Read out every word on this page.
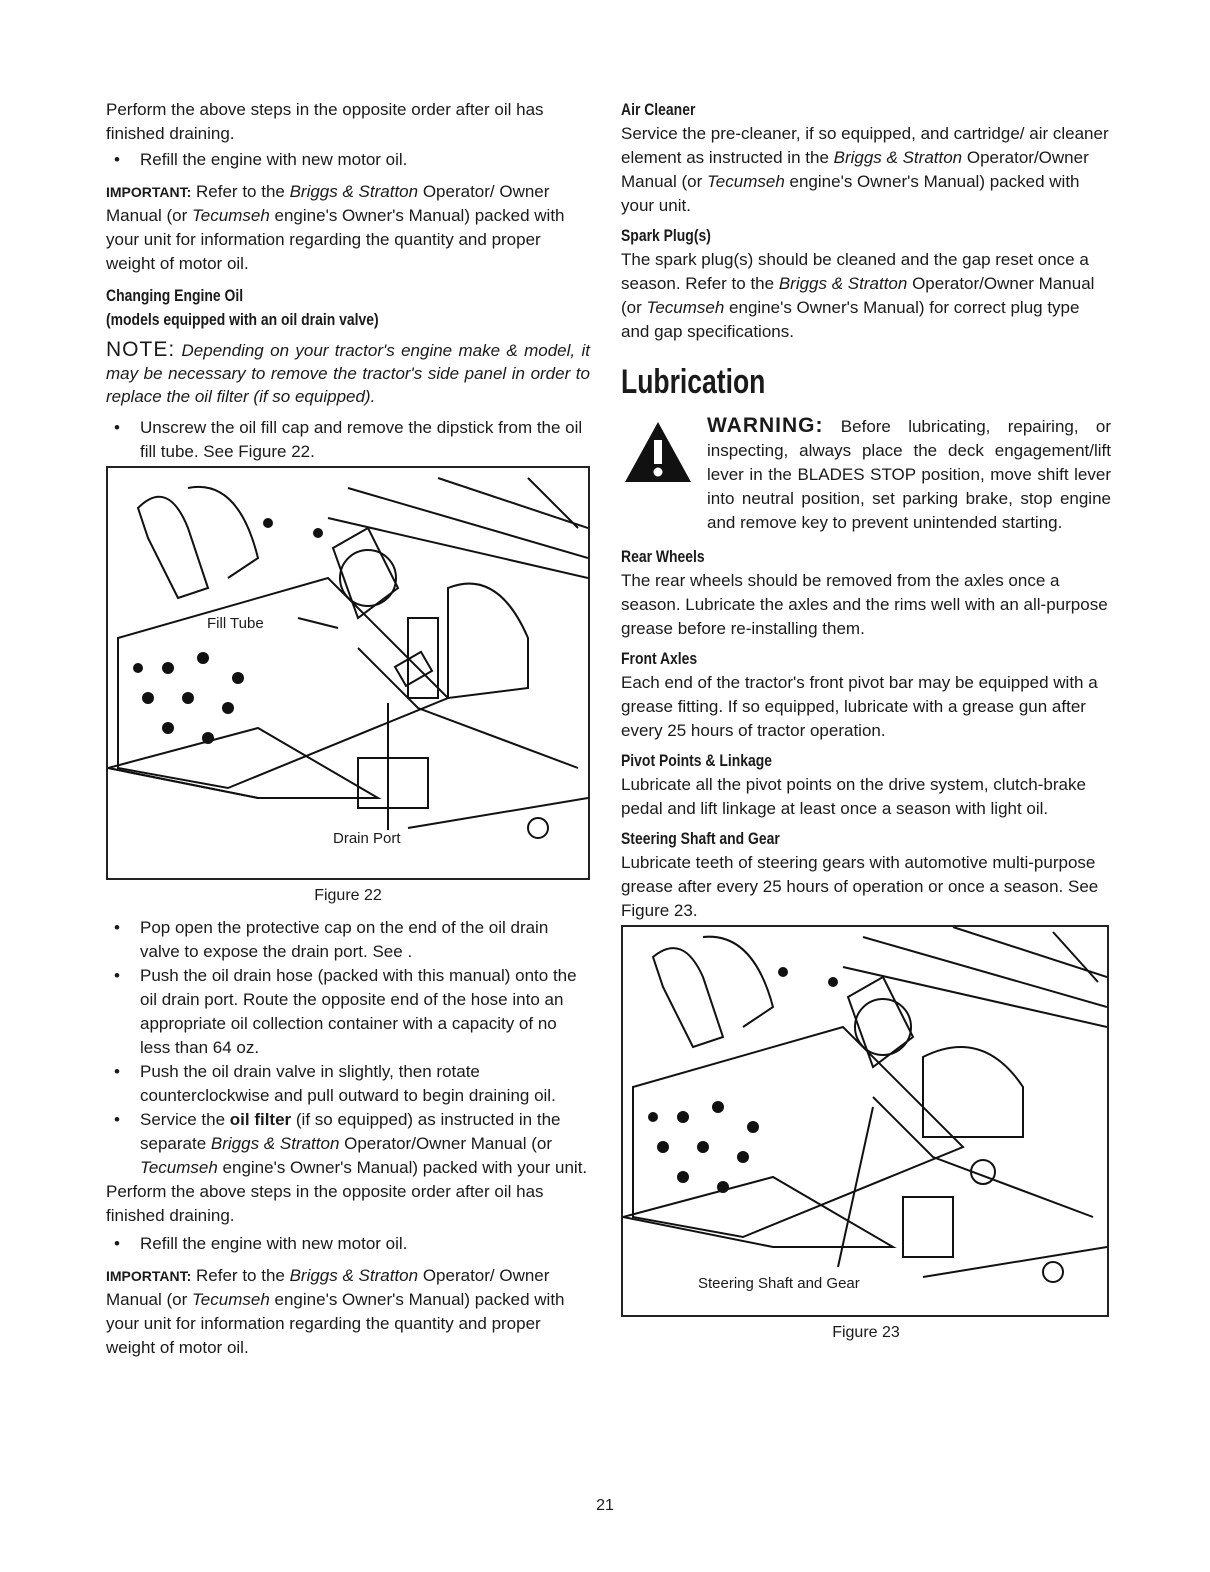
Perform the above steps in the opposite order after oil has finished draining.

• Refill the engine with new motor oil.

IMPORTANT: Refer to the Briggs & Stratton Operator/ Owner Manual (or Tecumseh engine's Owner's Manual) packed with your unit for information regarding the quantity and proper weight of motor oil.

Changing Engine Oil

(models equipped with an oil drain valve)

NOTE: Depending on your tractor's engine make & model, it may be necessary to remove the tractor's side panel in order to replace the oil filter (if so equipped).

• Unscrew the oil fill cap and remove the dipstick from the oil fill tube. See Figure 22.

Fill Tube
Drain Port

Figure 22

• Pop open the protective cap on the end of the oil drain valve to expose the drain port. See .

• Push the oil drain hose (packed with this manual) onto the oil drain port. Route the opposite end of the hose into an appropriate oil collection container with a capacity of no less than 64 oz.

• Push the oil drain valve in slightly, then rotate counterclockwise and pull outward to begin draining oil.

• Service the oil filter (if so equipped) as instructed in the separate Briggs & Stratton Operator/Owner Manual (or Tecumseh engine's Owner's Manual) packed with your unit.

Perform the above steps in the opposite order after oil has finished draining.

• Refill the engine with new motor oil.

IMPORTANT: Refer to the Briggs & Stratton Operator/ Owner Manual (or Tecumseh engine's Owner's Manual) packed with your unit for information regarding the quantity and proper weight of motor oil.

Air Cleaner

Service the pre-cleaner, if so equipped, and cartridge/ air cleaner element as instructed in the Briggs & Stratton Operator/Owner Manual (or Tecumseh engine's Owner's Manual) packed with your unit.

Spark Plug(s)

The spark plug(s) should be cleaned and the gap reset once a season. Refer to the Briggs & Stratton Operator/Owner Manual (or Tecumseh engine's Owner's Manual) for correct plug type and gap specifications.

Lubrication

WARNING: Before lubricating, repairing, or inspecting, always place the deck engagement/lift lever in the BLADES STOP position, move shift lever into neutral position, set parking brake, stop engine and remove key to prevent unintended starting.

Rear Wheels

The rear wheels should be removed from the axles once a season. Lubricate the axles and the rims well with an all-purpose grease before re-installing them.

Front Axles

Each end of the tractor's front pivot bar may be equipped with a grease fitting. If so equipped, lubricate with a grease gun after every 25 hours of tractor operation.

Pivot Points & Linkage

Lubricate all the pivot points on the drive system, clutch-brake pedal and lift linkage at least once a season with light oil.

Steering Shaft and Gear

Lubricate teeth of steering gears with automotive multi-purpose grease after every 25 hours of operation or once a season. See Figure 23.

Steering Shaft and Gear

Figure 23

21
